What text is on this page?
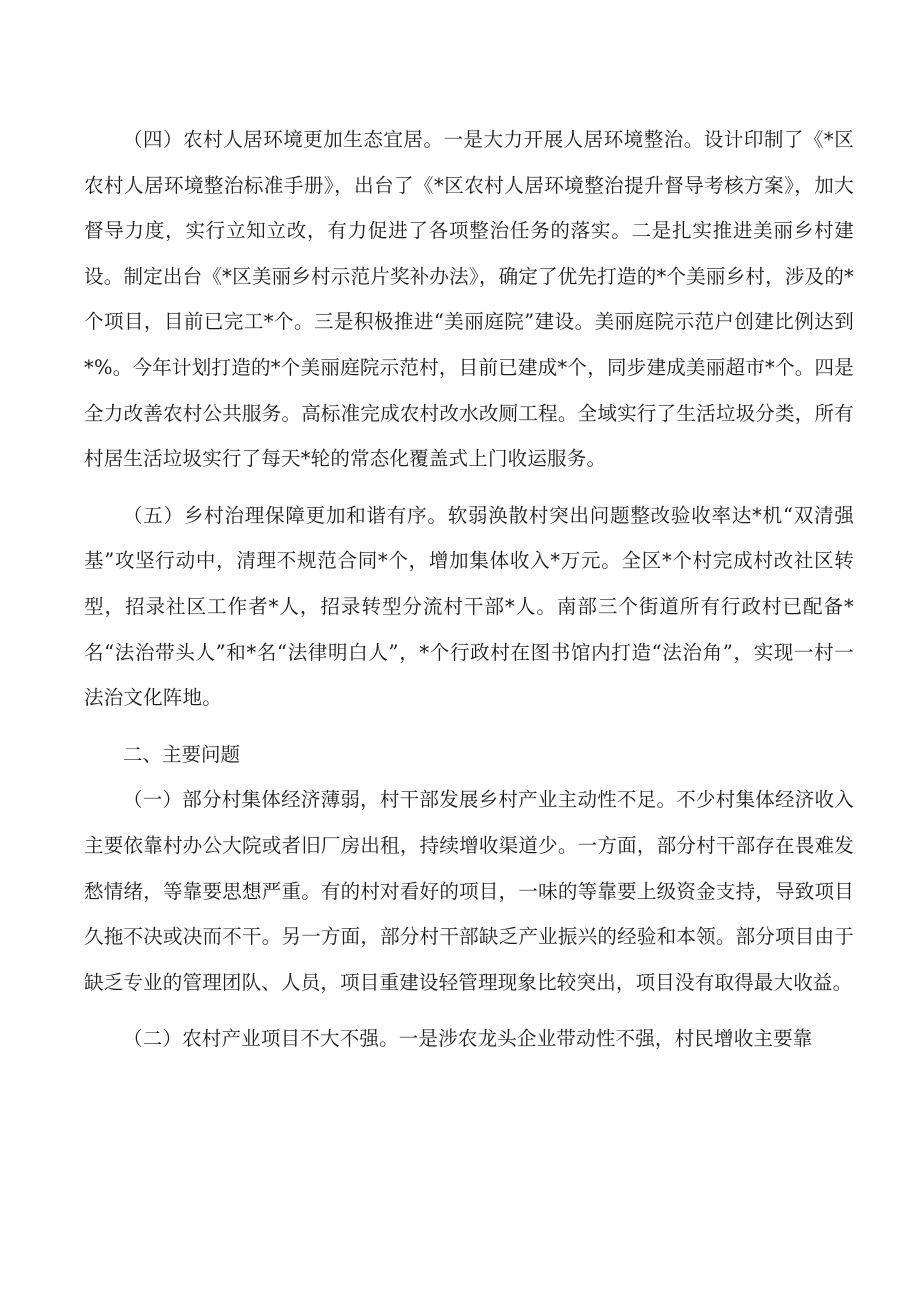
（四）农村人居环境更加生态宜居。一是大力开展人居环境整治。设计印制了《*区农村人居环境整治标准手册》，出台了《*区农村人居环境整治提升督导考核方案》，加大督导力度，实行立知立改，有力促进了各项整治任务的落实。二是扎实推进美丽乡村建设。制定出台《*区美丽乡村示范片奖补办法》，确定了优先打造的*个美丽乡村，涉及的*个项目，目前已完工*个。三是积极推进“美丽庭院”建设。美丽庭院示范户创建比例达到*%。今年计划打造的*个美丽庭院示范村，目前已建成*个，同步建成美丽超市*个。四是全力改善农村公共服务。高标准完成农村改水改厕工程。全域实行了生活垃圾分类，所有村居生活垃圾实行了每天*轮的常态化覆盖式上门收运服务。

（五）乡村治理保障更加和谐有序。软弱涣散村突出问题整改验收率达*机“双清强基”攻坚行动中，清理不规范合同*个，增加集体收入*万元。全区*个村完成村改社区转型，招录社区工作者*人，招录转型分流村干部*人。南部三个街道所有行政村已配备*名“法治带头人”和*名“法律明白人”，*个行政村在图书馆内打造“法治角”，实现一村一法治文化阵地。

二、主要问题

（一）部分村集体经济薄弱，村干部发展乡村产业主动性不足。不少村集体经济收入主要依靠村办公大院或者旧厂房出租，持续增收渠道少。一方面，部分村干部存在畏难发愁情绪，等靠要思想严重。有的村对看好的项目，一味的等靠要上级资金支持，导致项目久拖不决或决而不干。另一方面，部分村干部缺乏产业振兴的经验和本领。部分项目由于缺乏专业的管理团队、人员，项目重建设轻管理现象比较突出，项目没有取得最大收益。

（二）农村产业项目不大不强。一是涉农龙头企业带动性不强，村民增收主要靠
